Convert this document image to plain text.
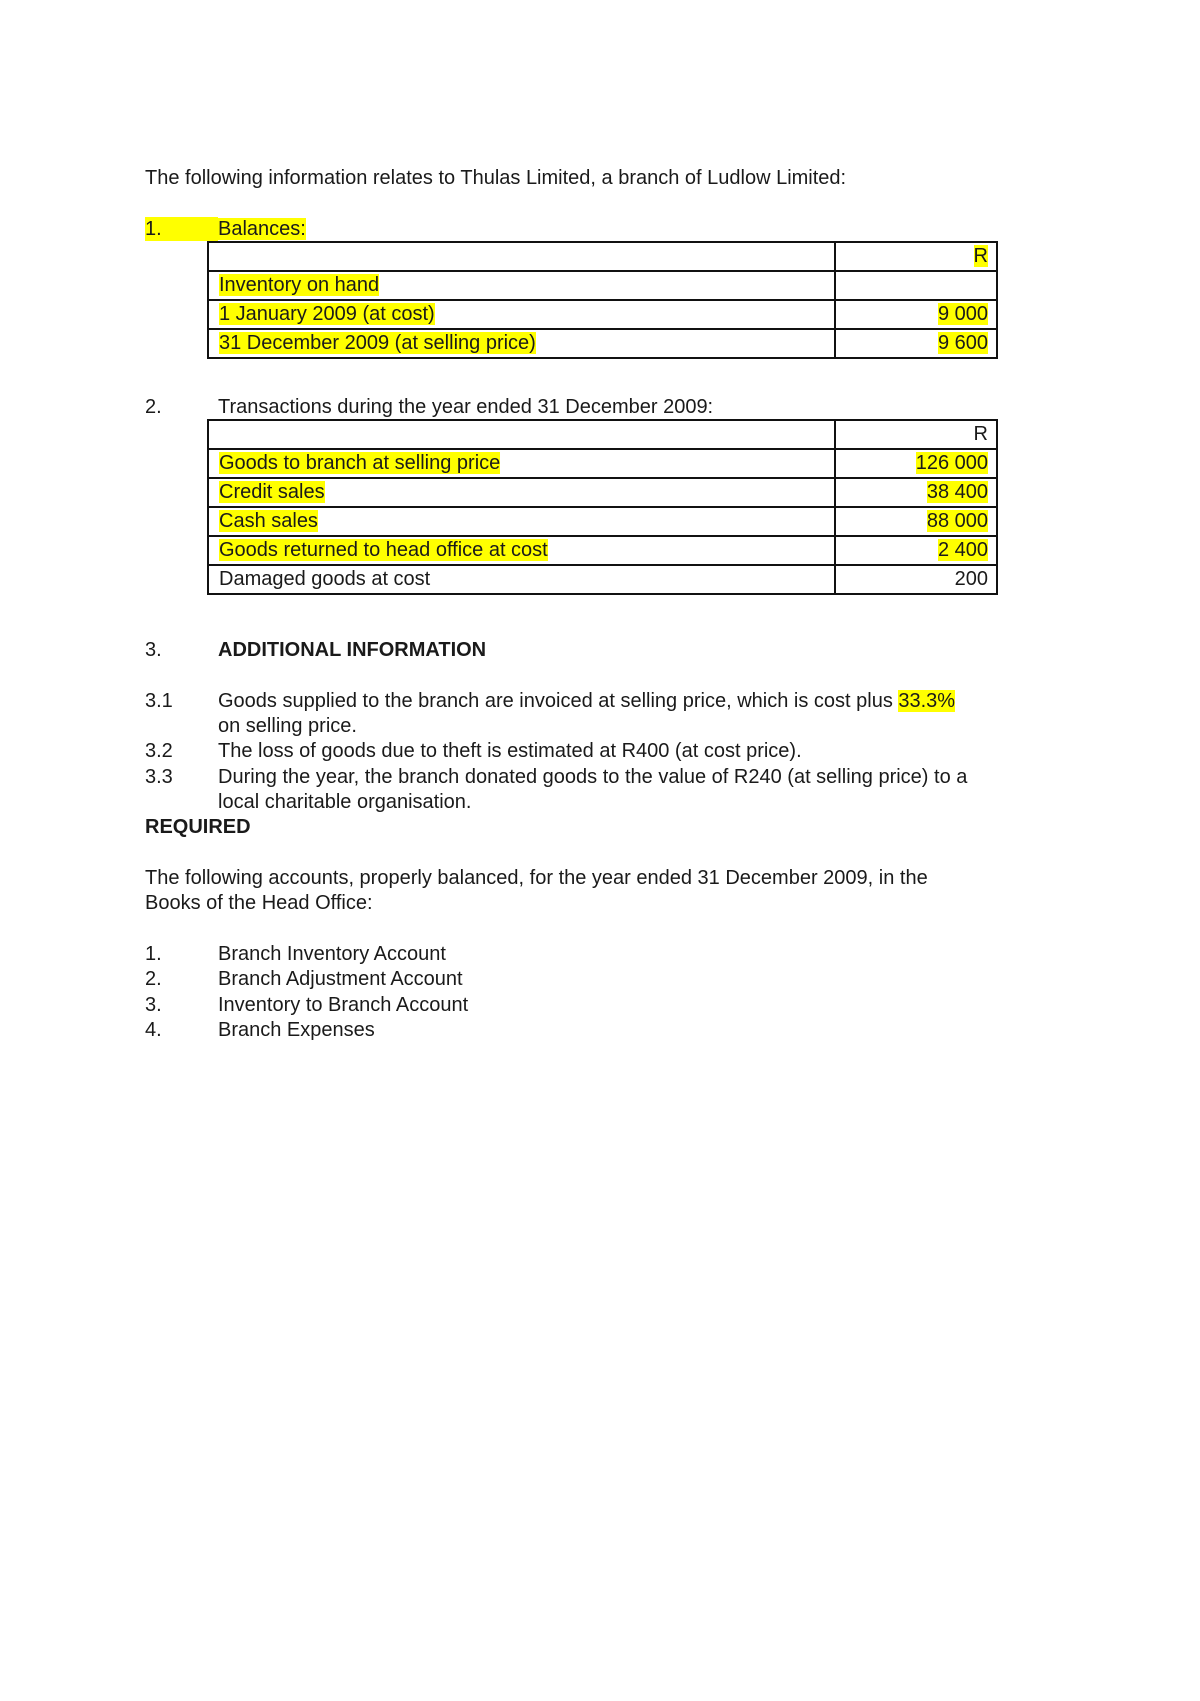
The following information relates to Thulas Limited, a branch of Ludlow Limited:
1.	Balances:
	R
Inventory on hand	
1 January 2009 (at cost)	9 000
31 December 2009 (at selling price)	9 600
2.	Transactions during the year ended 31 December 2009:
	R
Goods to branch at selling price	126 000
Credit sales	38 400
Cash sales	88 000
Goods returned to head office at cost	2 400
Damaged goods at cost	200
3.	ADDITIONAL INFORMATION
3.1 Goods supplied to the branch are invoiced at selling price, which is cost plus 33.3%
on selling price.
3.2 The loss of goods due to theft is estimated at R400 (at cost price).
3.3 During the year, the branch donated goods to the value of R240 (at selling price) to a
local charitable organisation.
REQUIRED
The following accounts, properly balanced, for the year ended 31 December 2009, in the
Books of the Head Office:
1.	Branch Inventory Account
2.	Branch Adjustment Account
3.	Inventory to Branch Account
4.	Branch Expenses
